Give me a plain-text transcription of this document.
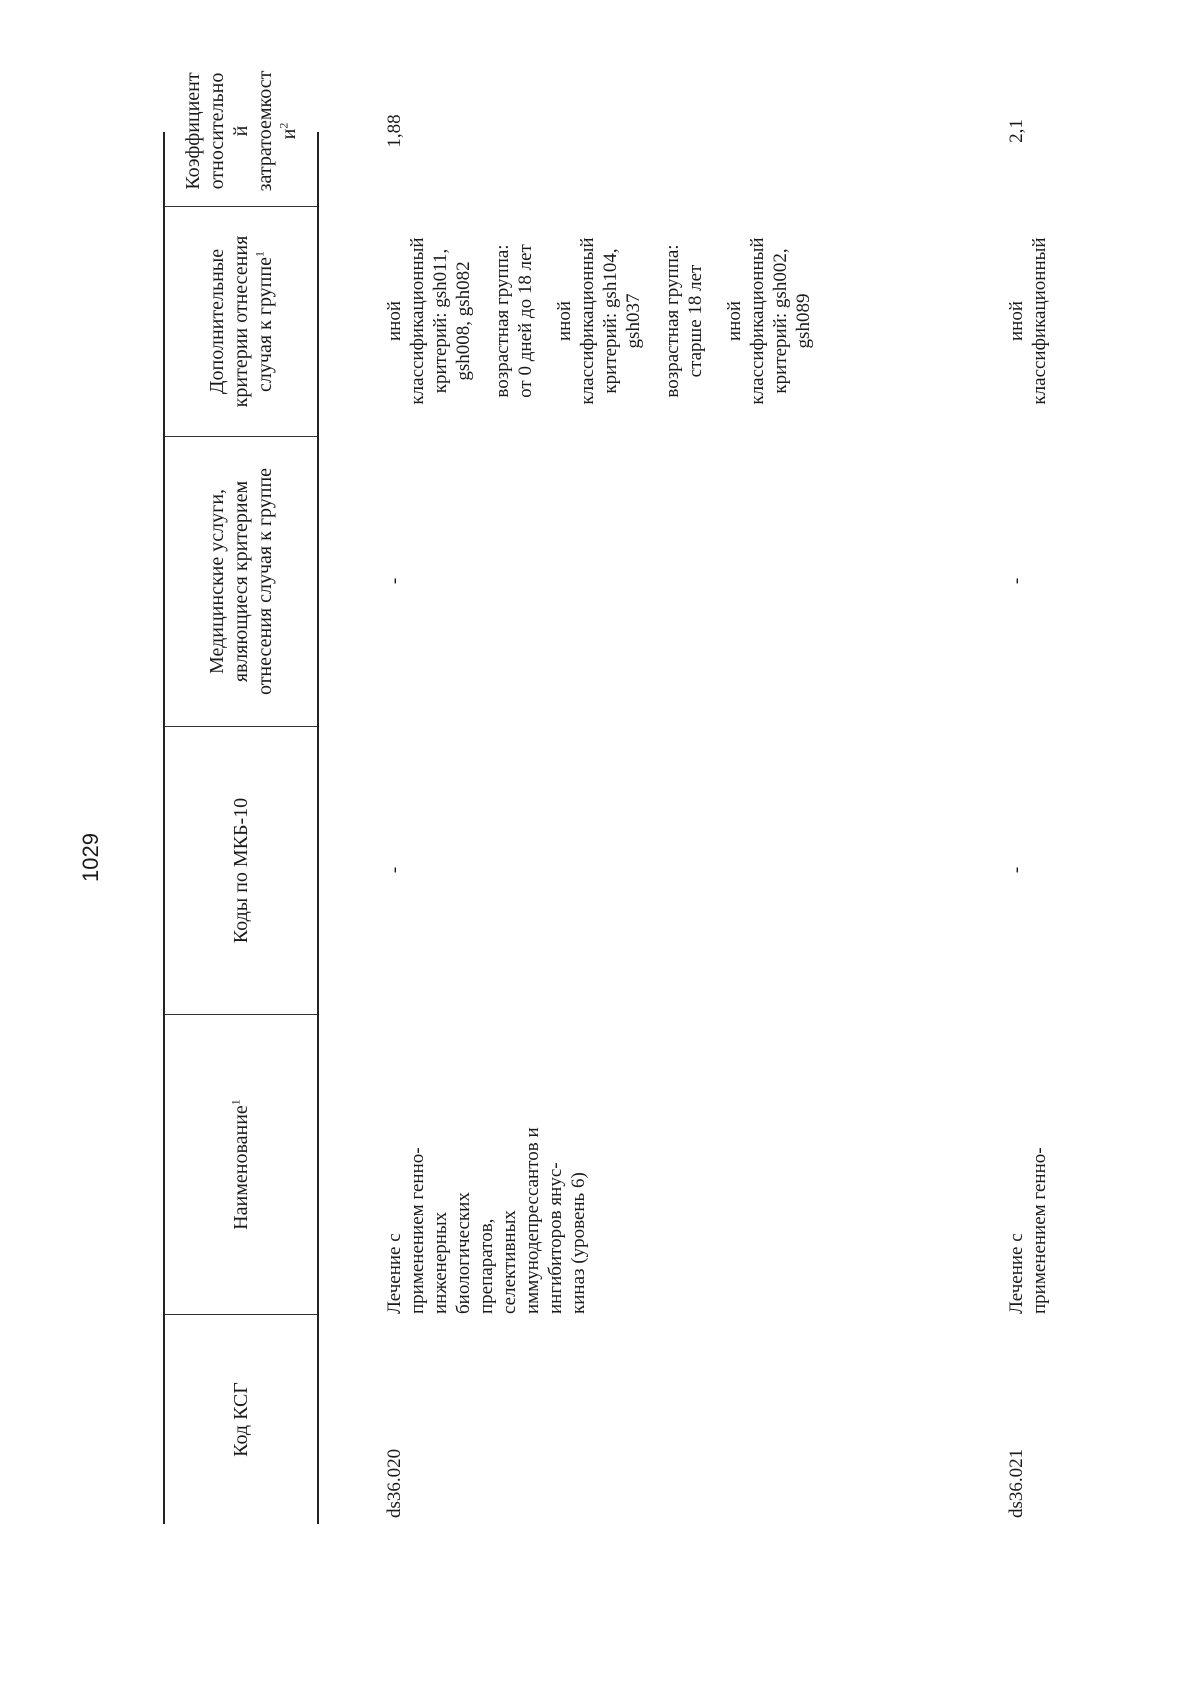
1029
Код КСГ
Наименование$^1$
Коды по МКБ-10
Медицинские услуги, являющиеся критерием отнесения случая к группе
Дополнительные критерии отнесения случая к группе$^1$
Коэффициент относительно й затратоемкост $и^2$
ds36.020
Лечение с применением генно- инженерных биологических препаратов, селективных иммунодепрессантов и ингибиторов янус- киназ (уровень 6)
-
-
иной классификационный критерий: gsh011, gsh008, gsh082 возрастная группа: от 0 дней до 18 лет иной классификационный критерий: gsh104, gsh037 возрастная группа: старше 18 лет иной классификационный критерий: gsh002, gsh089
1,88
ds36.021
Лечение с применением генно-
-
-
иной классификационный
2,1
